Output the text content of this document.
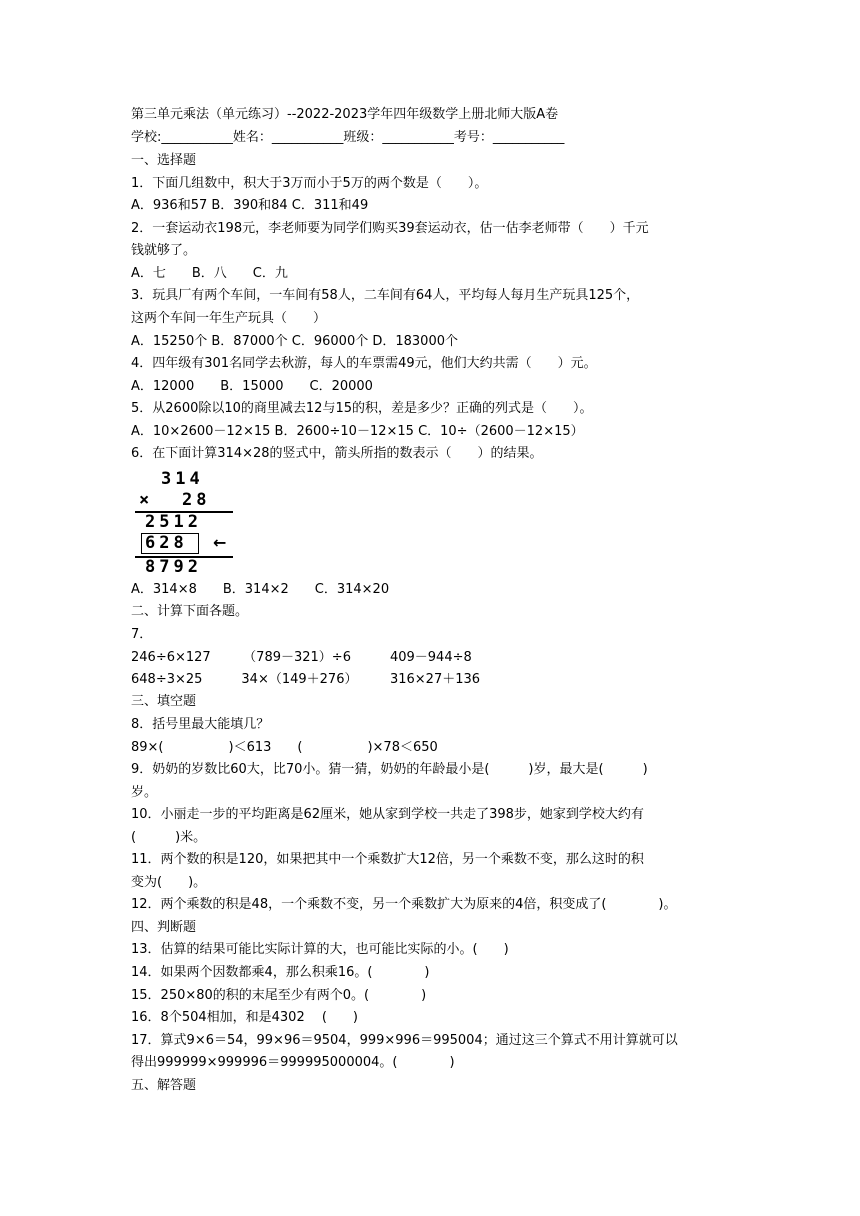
第三单元乘法（单元练习）--2022-2023学年四年级数学上册北师大版A卷
学校:___________姓名：___________班级：___________考号：___________
一、选择题
1．下面几组数中，积大于3万而小于5万的两个数是（　　）。
A．936和57 B．390和84 C．311和49
2．一套运动衣198元，李老师要为同学们购买39套运动衣，估一估李老师带（　　）千元
钱就够了。
A．七　　B．八　　C．九
3．玩具厂有两个车间，一车间有58人，二车间有64人，平均每人每月生产玩具125个，
这两个车间一年生产玩具（　　）
A．15250个 B．87000个 C．96000个 D．183000个
4．四年级有301名同学去秋游，每人的车票需49元，他们大约共需（　　）元。
A．12000　　B．15000　　C．20000
5．从2600除以10的商里减去12与15的积，差是多少？正确的列式是（　　）。
A．10×2600－12×15 B．2600÷10－12×15 C．10÷（2600－12×15）
6．在下面计算314×28的竖式中，箭头所指的数表示（　　）的结果。
314
× 28
2512
628 ←
8792
A．314×8　　B．314×2　　C．314×20
二、计算下面各题。
7．
246÷6×127　　　（789－321）÷6　　　409－944÷8
648÷3×25　　　34×（149＋276）　　　316×27＋136
三、填空题
8．括号里最大能填几？
89×(　　　　　)＜613　　(　　　　　)×78＜650
9．奶奶的岁数比60大，比70小。猜一猜，奶奶的年龄最小是(　　　)岁，最大是(　　　)
岁。
10．小丽走一步的平均距离是62厘米，她从家到学校一共走了398步，她家到学校大约有
(　　　)米。
11．两个数的积是120，如果把其中一个乘数扩大12倍，另一个乘数不变，那么这时的积
变为(　　)。
12．两个乘数的积是48，一个乘数不变，另一个乘数扩大为原来的4倍，积变成了(　　　　)。
四、判断题
13．估算的结果可能比实际计算的大，也可能比实际的小。(　　)
14．如果两个因数都乘4，那么积乘16。(　　　　)
15．250×80的积的末尾至少有两个0。(　　　　)
16．8个504相加，和是4302　 (　　)
17．算式9×6＝54，99×96＝9504，999×996＝995004；通过这三个算式不用计算就可以
得出999999×999996＝999995000004。(　　　　)
五、解答题
